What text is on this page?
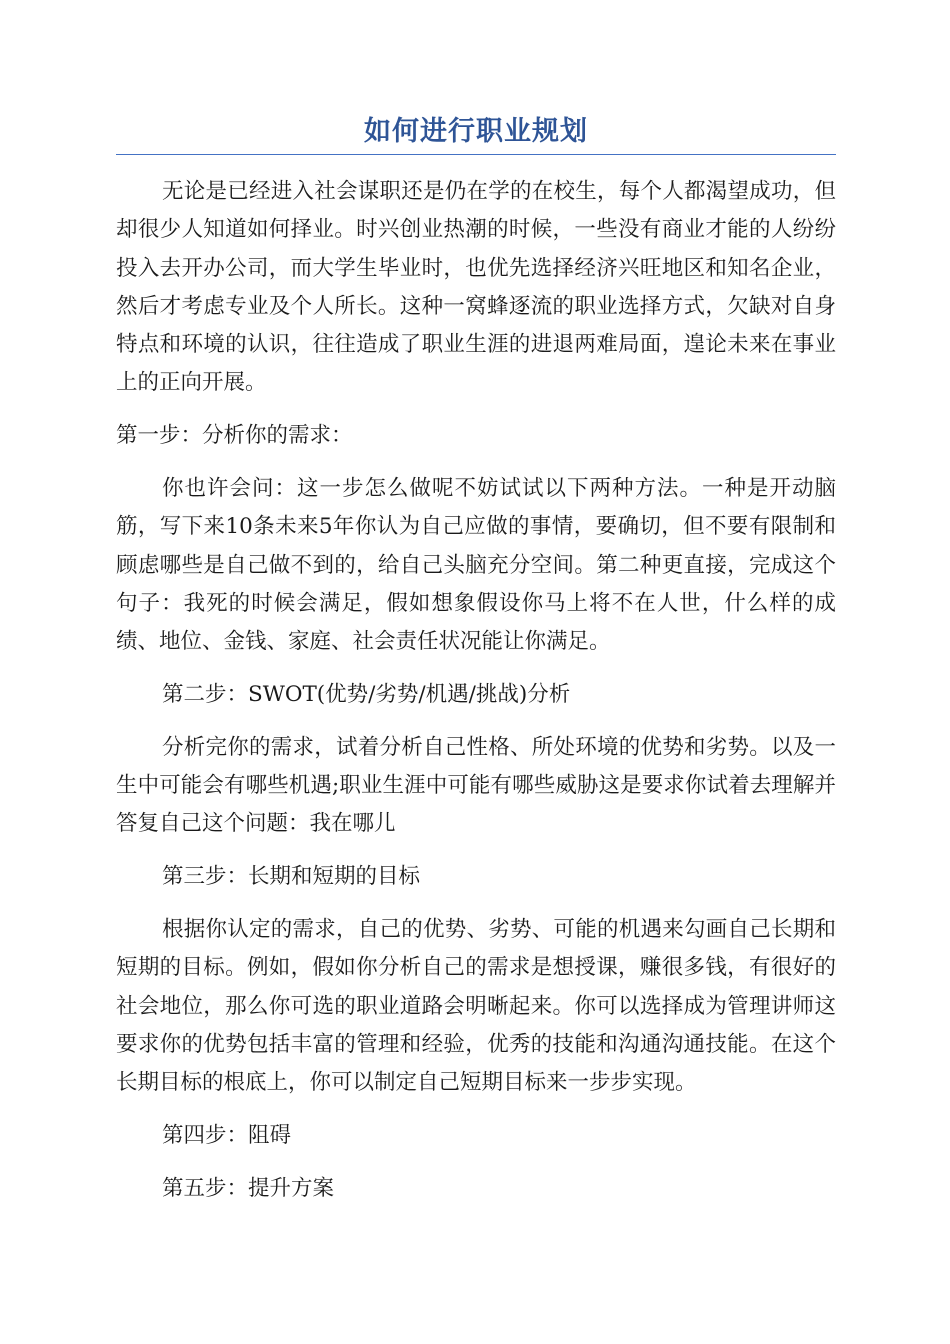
如何进行职业规划

无论是已经进入社会谋职还是仍在学的在校生，每个人都渴望成功，但却很少人知道如何择业。时兴创业热潮的时候，一些没有商业才能的人纷纷投入去开办公司，而大学生毕业时，也优先选择经济兴旺地区和知名企业，然后才考虑专业及个人所长。这种一窝蜂逐流的职业选择方式，欠缺对自身特点和环境的认识，往往造成了职业生涯的进退两难局面，遑论未来在事业上的正向开展。

第一步：分析你的需求：

你也许会问：这一步怎么做呢不妨试试以下两种方法。一种是开动脑筋，写下来10条未来5年你认为自己应做的事情，要确切，但不要有限制和顾虑哪些是自己做不到的，给自己头脑充分空间。第二种更直接，完成这个句子：我死的时候会满足，假如想象假设你马上将不在人世，什么样的成绩、地位、金钱、家庭、社会责任状况能让你满足。

第二步：SWOT(优势/劣势/机遇/挑战)分析

分析完你的需求，试着分析自己性格、所处环境的优势和劣势。以及一生中可能会有哪些机遇;职业生涯中可能有哪些威胁这是要求你试着去理解并答复自己这个问题：我在哪儿

第三步：长期和短期的目标

根据你认定的需求，自己的优势、劣势、可能的机遇来勾画自己长期和短期的目标。例如，假如你分析自己的需求是想授课，赚很多钱，有很好的社会地位，那么你可选的职业道路会明晰起来。你可以选择成为管理讲师这要求你的优势包括丰富的管理和经验，优秀的技能和沟通沟通技能。在这个长期目标的根底上，你可以制定自己短期目标来一步步实现。

第四步：阻碍

第五步：提升方案
